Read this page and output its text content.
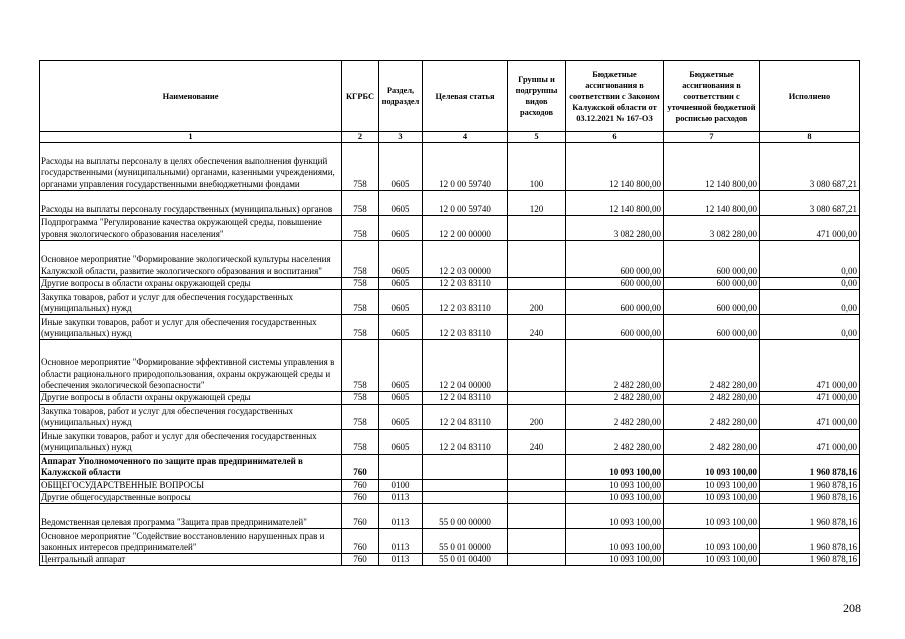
Наименование	КГРБС	Раздел, подраздел	Целевая статья	Группы и подгруппы видов расходов	Бюджетные ассигнования в соответствии с Законом Калужской области от 03.12.2021 № 167-ОЗ	Бюджетные ассигнования в соответствии с уточненной бюджетной росписью расходов	Исполнено
1	2	3	4	5	6	7	8
Расходы на выплаты персоналу в целях обеспечения выполнения функций государственными (муниципальными) органами, казенными учреждениями, органами управления государственными внебюджетными фондами	758	0605	12 0 00 59740	100	12 140 800,00	12 140 800,00	3 080 687,21
Расходы на выплаты персоналу государственных (муниципальных) органов	758	0605	12 0 00 59740	120	12 140 800,00	12 140 800,00	3 080 687,21
Подпрограмма "Регулирование качества окружающей среды, повышение уровня экологического образования населения"	758	0605	12 2 00 00000		3 082 280,00	3 082 280,00	471 000,00
Основное мероприятие "Формирование экологической культуры населения Калужской области, развитие экологического образования и воспитания"	758	0605	12 2 03 00000		600 000,00	600 000,00	0,00
Другие вопросы в области охраны окружающей среды	758	0605	12 2 03 83110		600 000,00	600 000,00	0,00
Закупка товаров, работ и услуг для обеспечения государственных (муниципальных) нужд	758	0605	12 2 03 83110	200	600 000,00	600 000,00	0,00
Иные закупки товаров, работ и услуг для обеспечения государственных (муниципальных) нужд	758	0605	12 2 03 83110	240	600 000,00	600 000,00	0,00
Основное мероприятие "Формирование эффективной системы управления в области рационального природопользования, охраны окружающей среды и обеспечения экологической безопасности"	758	0605	12 2 04 00000		2 482 280,00	2 482 280,00	471 000,00
Другие вопросы в области охраны окружающей среды	758	0605	12 2 04 83110		2 482 280,00	2 482 280,00	471 000,00
Закупка товаров, работ и услуг для обеспечения государственных (муниципальных) нужд	758	0605	12 2 04 83110	200	2 482 280,00	2 482 280,00	471 000,00
Иные закупки товаров, работ и услуг для обеспечения государственных (муниципальных) нужд	758	0605	12 2 04 83110	240	2 482 280,00	2 482 280,00	471 000,00
Аппарат Уполномоченного по защите прав предпринимателей в Калужской области	760				10 093 100,00	10 093 100,00	1 960 878,16
ОБЩЕГОСУДАРСТВЕННЫЕ ВОПРОСЫ	760	0100			10 093 100,00	10 093 100,00	1 960 878,16
Другие общегосударственные вопросы	760	0113			10 093 100,00	10 093 100,00	1 960 878,16
Ведомственная целевая программа "Защита прав предпринимателей"	760	0113	55 0 00 00000		10 093 100,00	10 093 100,00	1 960 878,16
Основное мероприятие "Содействие восстановлению нарушенных прав и законных интересов предпринимателей"	760	0113	55 0 01 00000		10 093 100,00	10 093 100,00	1 960 878,16
Центральный аппарат	760	0113	55 0 01 00400		10 093 100,00	10 093 100,00	1 960 878,16
208
